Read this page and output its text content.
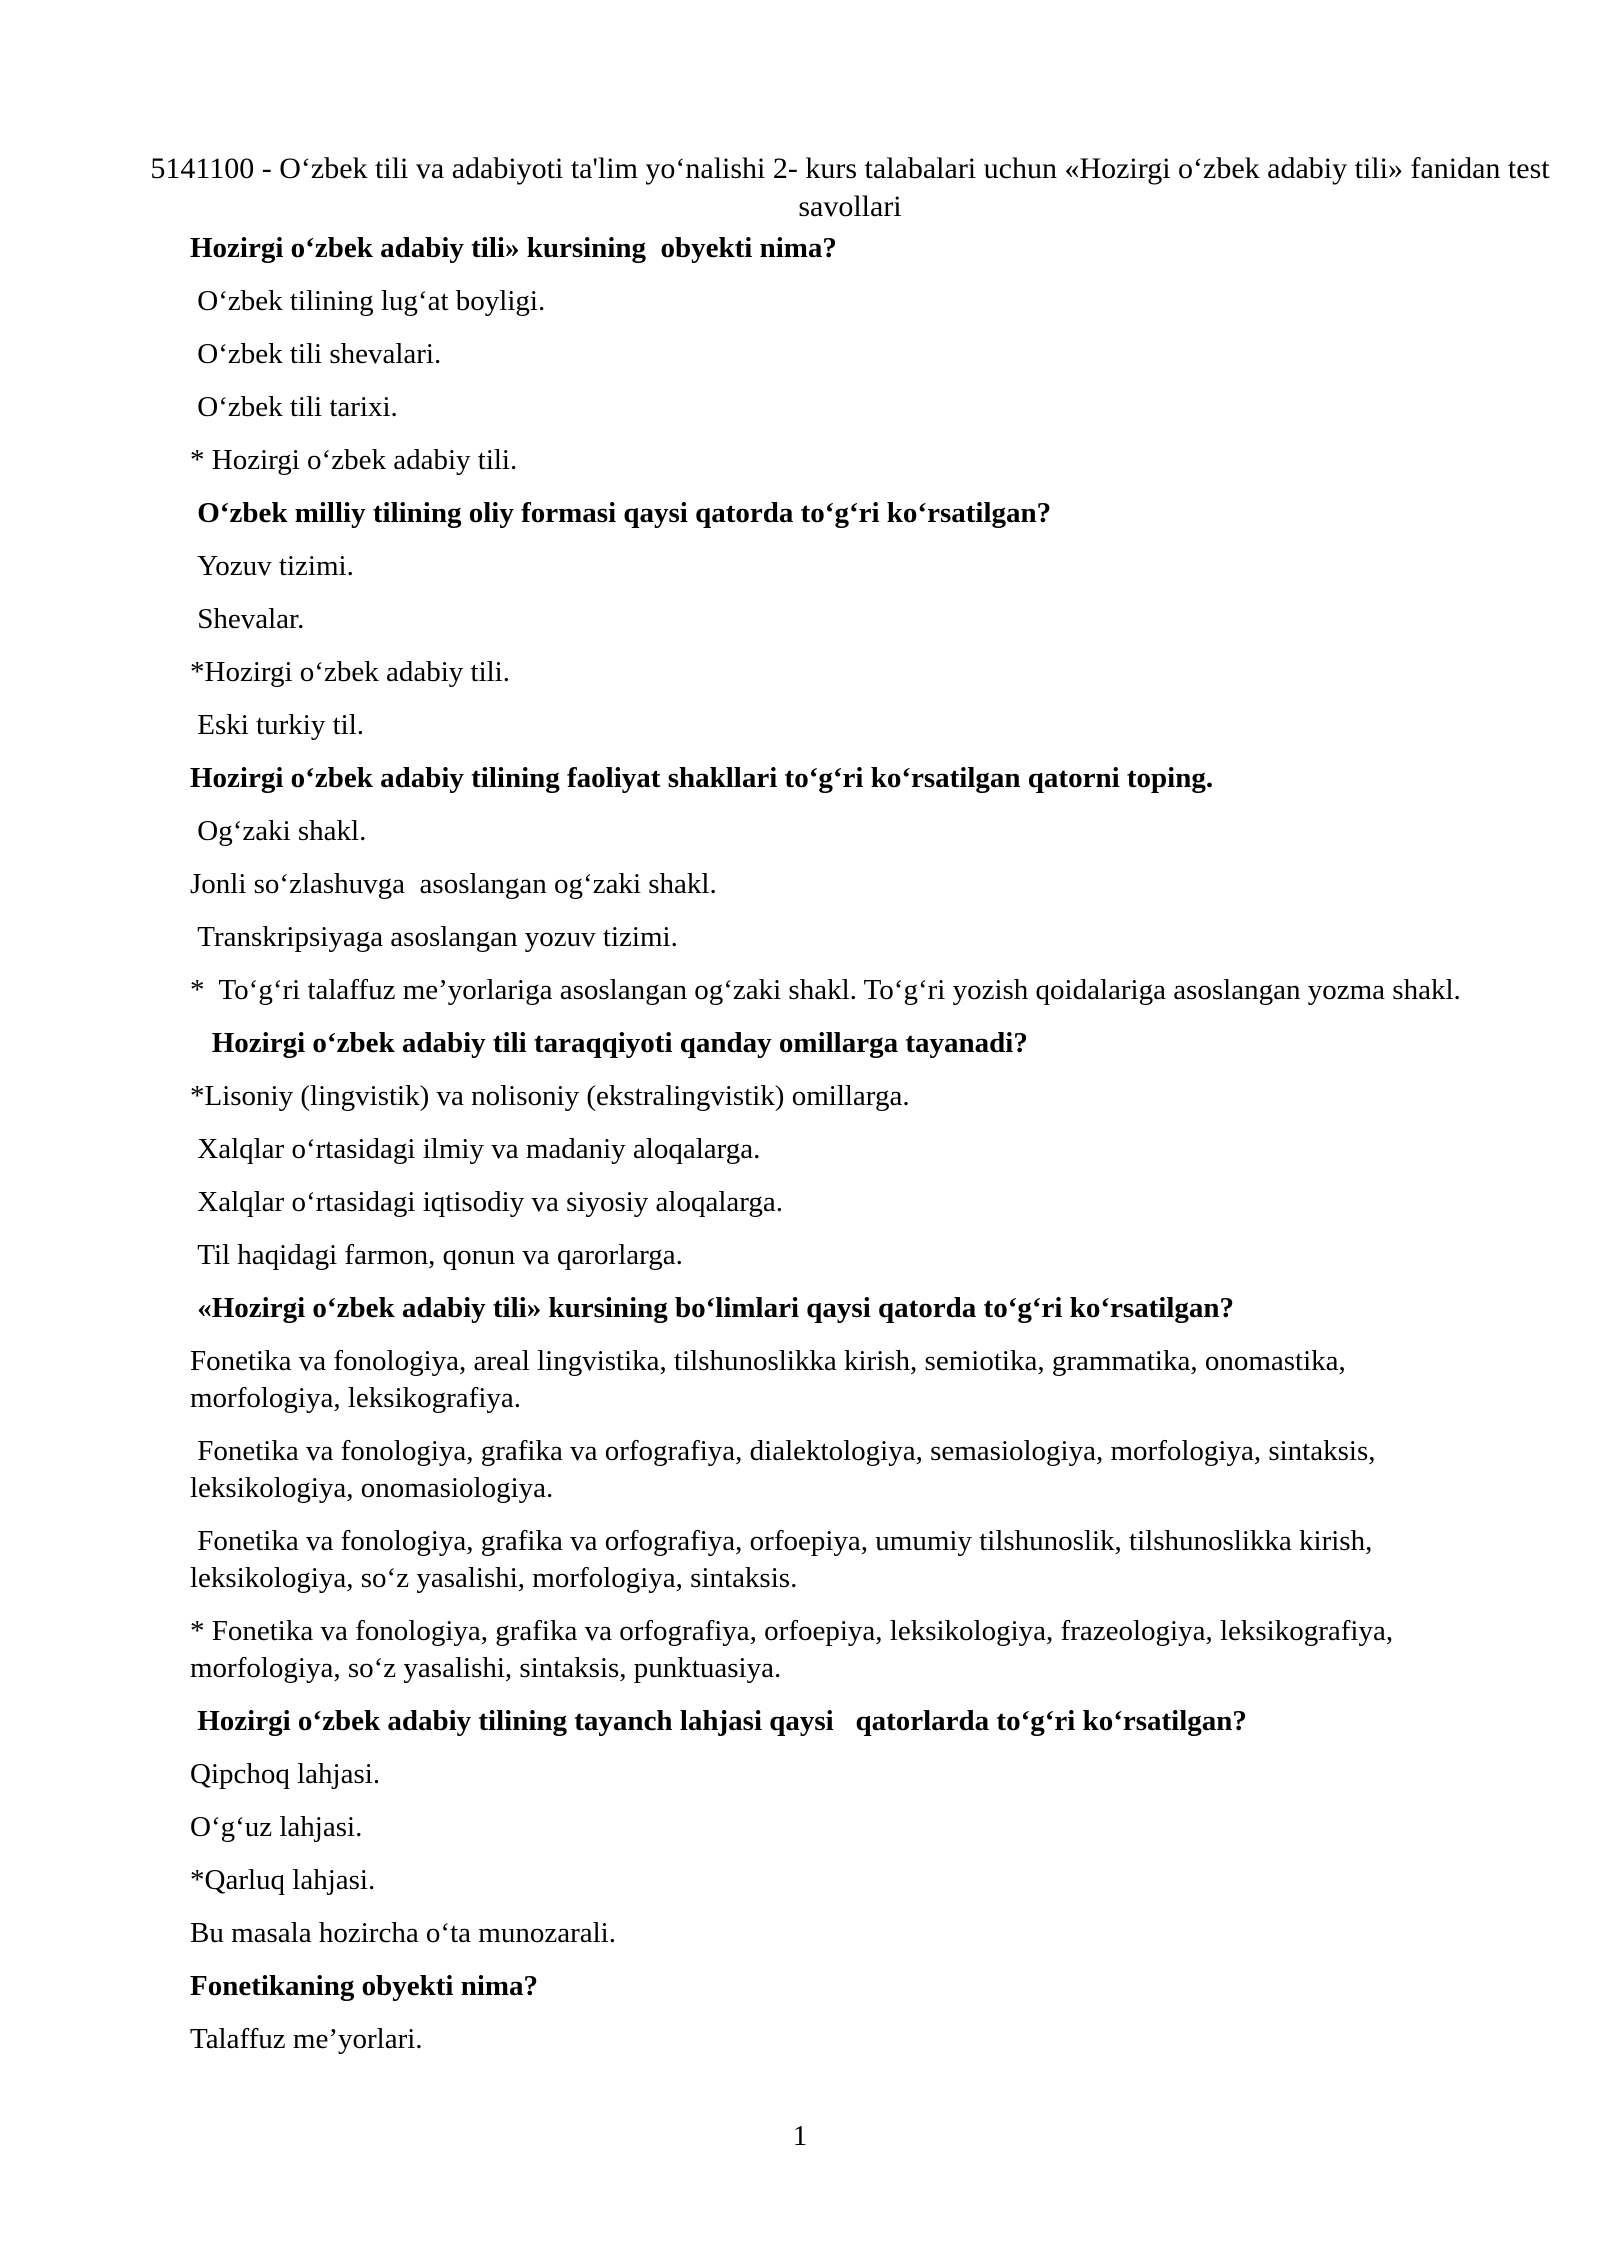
5141100 - O‘zbek tili va adabiyoti ta'lim yo‘nalishi 2- kurs talabalari uchun «Hozirgi o‘zbek adabiy tili» fanidan test savollari
Hozirgi o‘zbek adabiy tili» kursining  obyekti nima?
O‘zbek tilining lug‘at boyligi.
O‘zbek tili shevalari.
O‘zbek tili tarixi.
* Hozirgi o‘zbek adabiy tili.
O‘zbek milliy tilining oliy formasi qaysi qatorda to‘g‘ri ko‘rsatilgan?
Yozuv tizimi.
Shevalar.
*Hozirgi o‘zbek adabiy tili.
Eski turkiy til.
Hozirgi o‘zbek adabiy tilining faoliyat shakllari to‘g‘ri ko‘rsatilgan qatorni toping.
Og‘zaki shakl.
Jonli so‘zlashuvga  asoslangan og‘zaki shakl.
Transkripsiyaga asoslangan yozuv tizimi.
*  To‘g‘ri talaffuz me’yorlariga asoslangan og‘zaki shakl. To‘g‘ri yozish qoidalariga asoslangan yozma shakl.
Hozirgi o‘zbek adabiy tili taraqqiyoti qanday omillarga tayanadi?
*Lisoniy (lingvistik) va nolisoniy (ekstralingvistik) omillarga.
Xalqlar o‘rtasidagi ilmiy va madaniy aloqalarga.
Xalqlar o‘rtasidagi iqtisodiy va siyosiy aloqalarga.
Til haqidagi farmon, qonun va qarorlarga.
«Hozirgi o‘zbek adabiy tili» kursining bo‘limlari qaysi qatorda to‘g‘ri ko‘rsatilgan?
Fonetika va fonologiya, areal lingvistika, tilshunoslikka kirish, semiotika, grammatika, onomastika, morfologiya, leksikografiya.
Fonetika va fonologiya, grafika va orfografiya, dialektologiya, semasiologiya, morfologiya, sintaksis, leksikologiya, onomasiologiya.
Fonetika va fonologiya, grafika va orfografiya, orfoepiya, umumiy tilshunoslik, tilshunoslikka kirish, leksikologiya, so‘z yasalishi, morfologiya, sintaksis.
* Fonetika va fonologiya, grafika va orfografiya, orfoepiya, leksikologiya, frazeologiya, leksikografiya, morfologiya, so‘z yasalishi, sintaksis, punktuasiya.
Hozirgi o‘zbek adabiy tilining tayanch lahjasi qaysi   qatorlarda to‘g‘ri ko‘rsatilgan?
Qipchoq lahjasi.
O‘g‘uz lahjasi.
*Qarluq lahjasi.
Bu masala hozircha o‘ta munozarali.
Fonetikaning obyekti nima?
Talaffuz me’yorlari.
1
